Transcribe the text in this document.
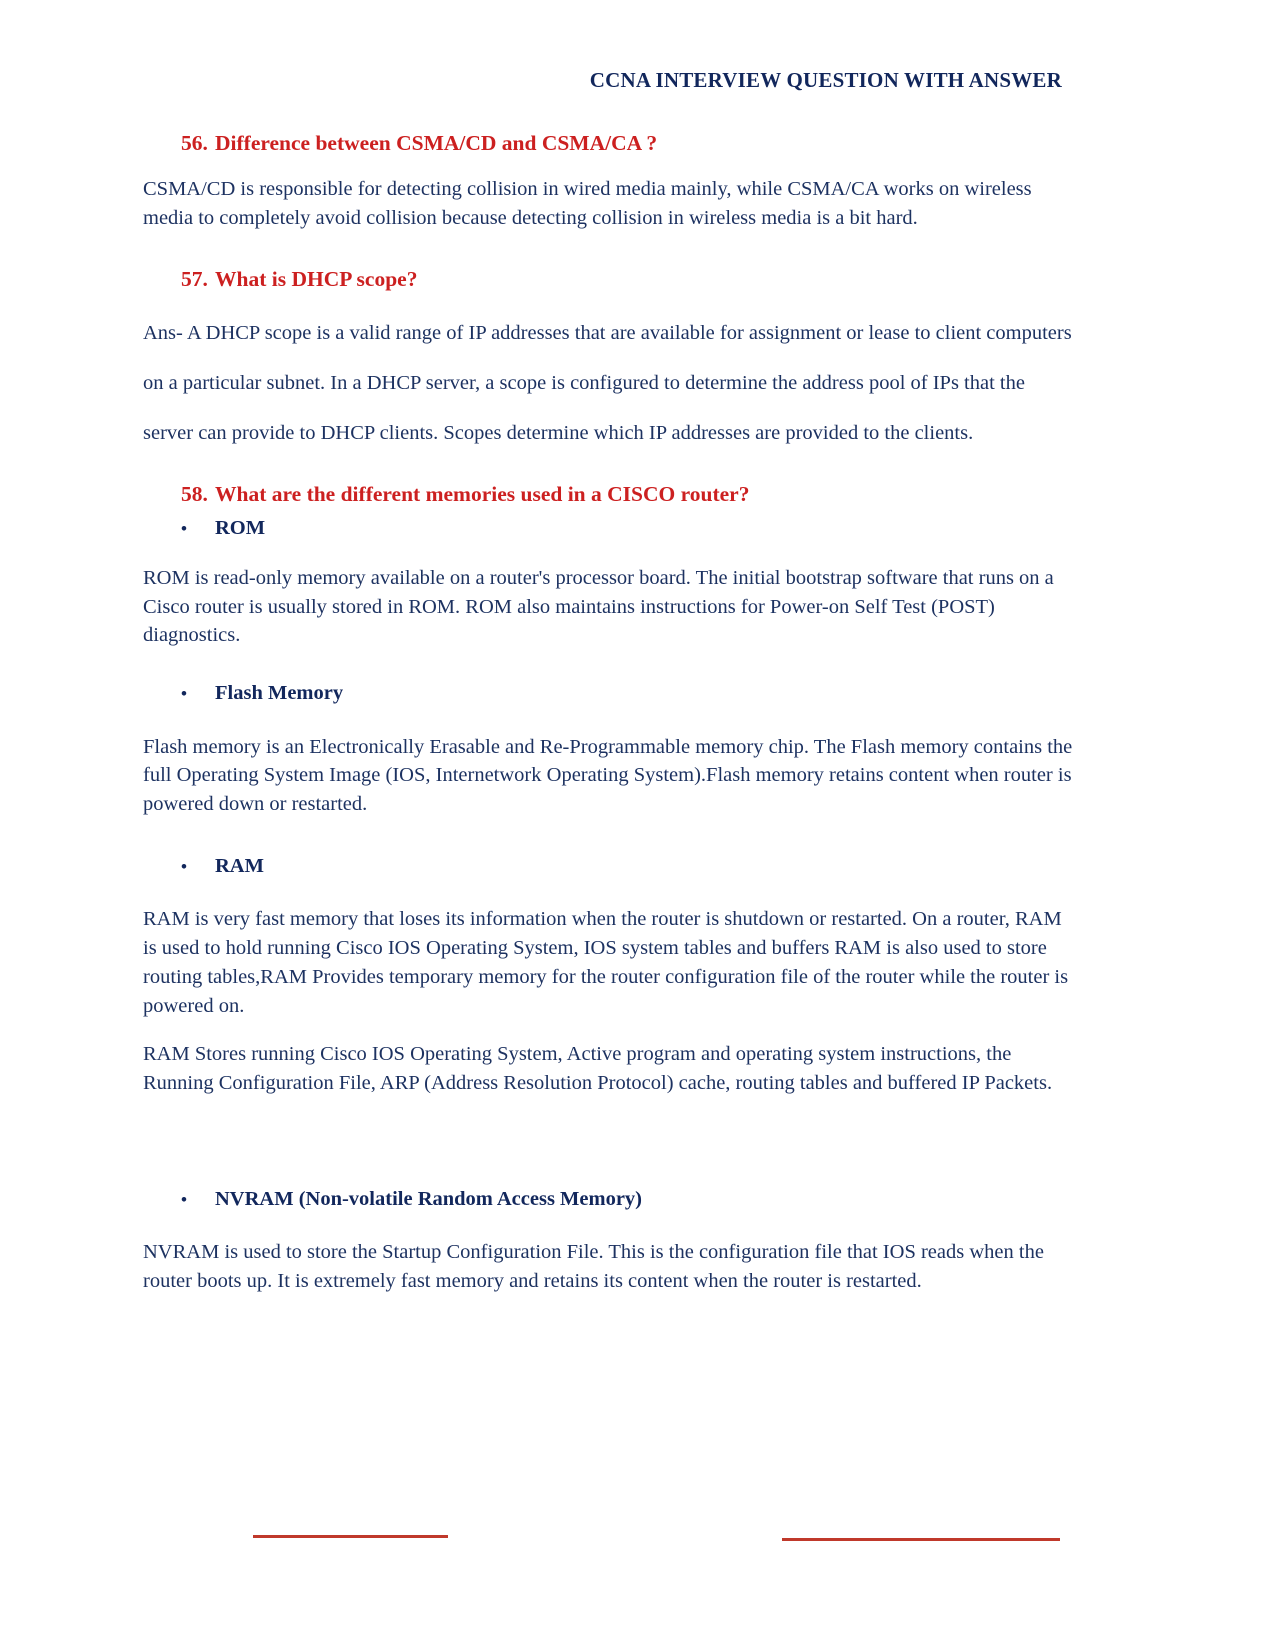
CCNA INTERVIEW QUESTION WITH ANSWER
56. Difference between CSMA/CD and CSMA/CA ?

CSMA/CD is responsible for detecting collision in wired media mainly, while CSMA/CA works on wireless media to completely avoid collision because detecting collision in wireless media is a bit hard.

57. What is DHCP scope?

Ans- A DHCP scope is a valid range of IP addresses that are available for assignment or lease to client computers on a particular subnet. In a DHCP server, a scope is configured to determine the address pool of IPs that the server can provide to DHCP clients. Scopes determine which IP addresses are provided to the clients.

58. What are the different memories used in a CISCO router?
•	ROM

ROM is read-only memory available on a router's processor board. The initial bootstrap software that runs on a Cisco router is usually stored in ROM. ROM also maintains instructions for Power-on Self Test (POST) diagnostics.

•	Flash Memory

Flash memory is an Electronically Erasable and Re-Programmable memory chip. The Flash memory contains the full Operating System Image (IOS, Internetwork Operating System).Flash memory retains content when router is powered down or restarted.

•	RAM

RAM is very fast memory that loses its information when the router is shutdown or restarted. On a router, RAM is used to hold running Cisco IOS Operating System, IOS system tables and buffers RAM is also used to store routing tables,RAM Provides temporary memory for the router configuration file of the router while the router is powered on.

RAM Stores running Cisco IOS Operating System, Active program and operating system instructions, the Running Configuration File, ARP (Address Resolution Protocol) cache, routing tables and buffered IP Packets.

•	NVRAM (Non-volatile Random Access Memory)

NVRAM is used to store the Startup Configuration File. This is the configuration file that IOS reads when the router boots up. It is extremely fast memory and retains its content when the router is restarted.
